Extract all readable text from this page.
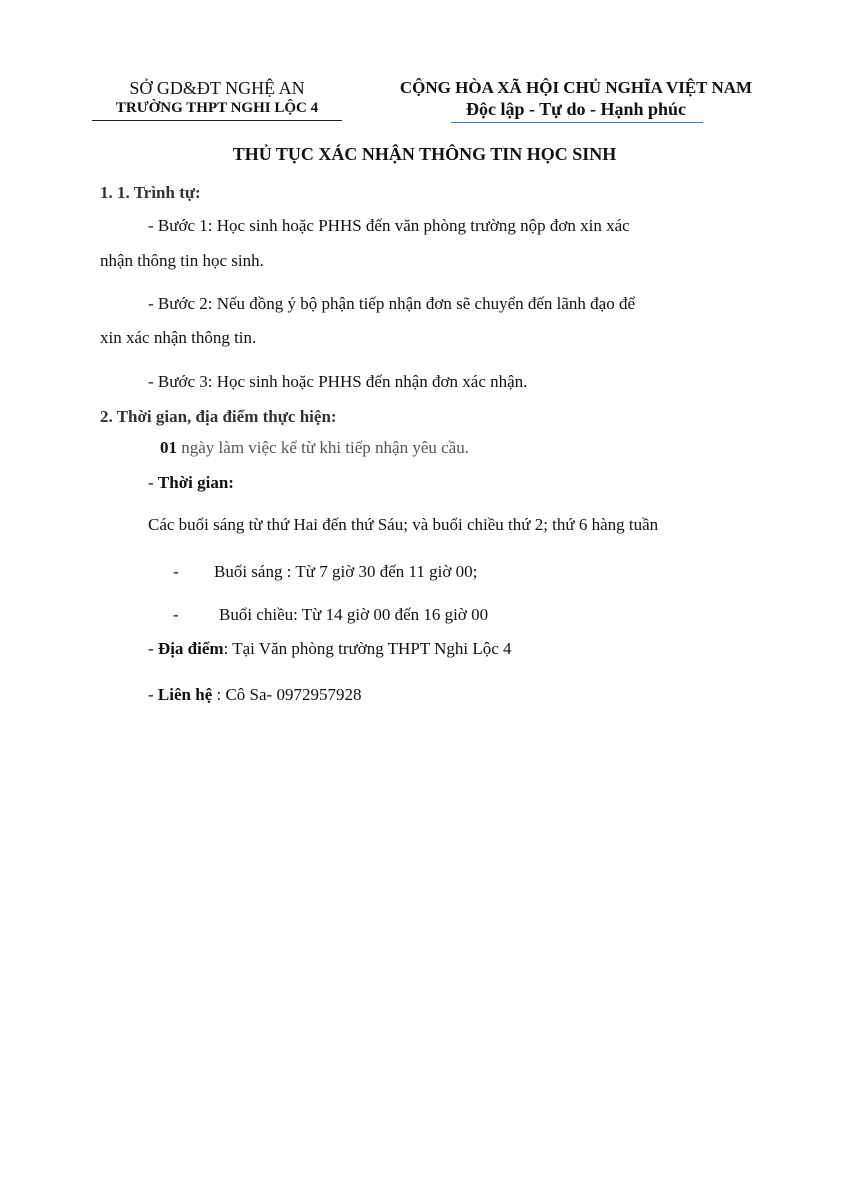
SỞ GD&ĐT NGHỆ AN
TRƯỜNG THPT NGHI LỘC 4
CỘNG HÒA XÃ HỘI CHỦ NGHĨA VIỆT NAM
Độc lập - Tự do - Hạnh phúc
THỦ TỤC XÁC NHẬN THÔNG TIN HỌC SINH
1. 1. Trình tự:
- Bước 1: Học sinh hoặc PHHS đến văn phòng trường nộp đơn xin xác
nhận thông tin học sinh.
- Bước 2: Nếu đồng ý bộ phận tiếp nhận đơn sẽ chuyển đến lãnh đạo để
xin xác nhận thông tin.
- Bước 3: Học sinh hoặc PHHS đến nhận đơn xác nhận.
2. Thời gian, địa điểm thực hiện:
01 ngày làm việc kể từ khi tiếp nhận yêu cầu.
- Thời gian:
Các buổi sáng từ thứ Hai đến thứ Sáu; và buổi chiều thứ 2; thứ 6 hàng tuần
- Buổi sáng : Từ 7 giờ 30 đến 11 giờ 00;
- Buổi chiều: Từ 14 giờ 00 đến 16 giờ 00
- Địa điểm: Tại Văn phòng trường THPT Nghi Lộc 4
- Liên hệ : Cô Sa- 0972957928
